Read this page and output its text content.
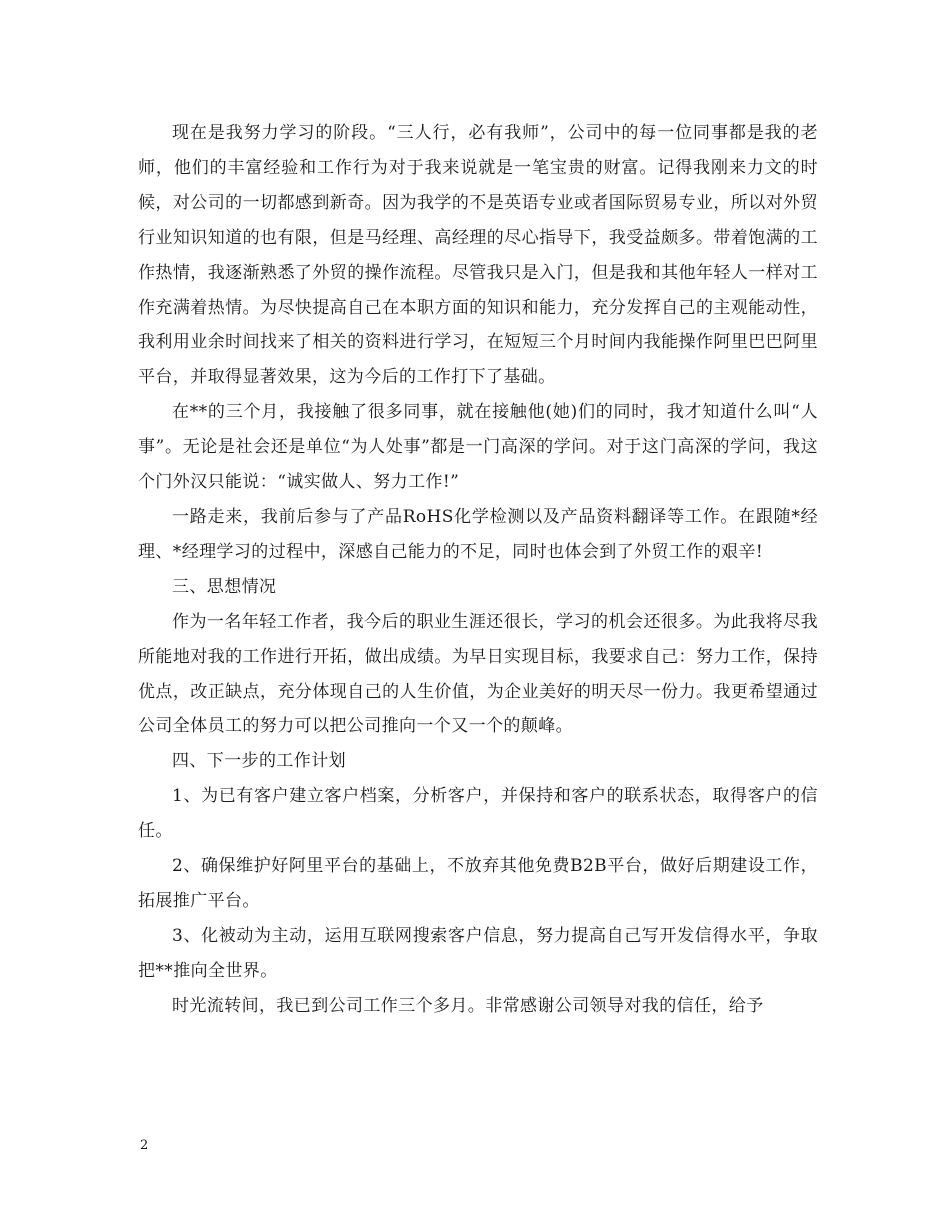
现在是我努力学习的阶段。“三人行，必有我师”，公司中的每一位同事都是我的老师，他们的丰富经验和工作行为对于我来说就是一笔宝贵的财富。记得我刚来力文的时候，对公司的一切都感到新奇。因为我学的不是英语专业或者国际贸易专业，所以对外贸行业知识知道的也有限，但是马经理、高经理的尽心指导下，我受益颇多。带着饱满的工作热情，我逐渐熟悉了外贸的操作流程。尽管我只是入门，但是我和其他年轻人一样对工作充满着热情。为尽快提高自己在本职方面的知识和能力，充分发挥自己的主观能动性，我利用业余时间找来了相关的资料进行学习，在短短三个月时间内我能操作阿里巴巴阿里平台，并取得显著效果，这为今后的工作打下了基础。

在**的三个月，我接触了很多同事，就在接触他(她)们的同时，我才知道什么叫“人事”。无论是社会还是单位“为人处事”都是一门高深的学问。对于这门高深的学问，我这个门外汉只能说：“诚实做人、努力工作!”

一路走来，我前后参与了产品RoHS化学检测以及产品资料翻译等工作。在跟随*经理、*经理学习的过程中，深感自己能力的不足，同时也体会到了外贸工作的艰辛!

三、思想情况

作为一名年轻工作者，我今后的职业生涯还很长，学习的机会还很多。为此我将尽我所能地对我的工作进行开拓，做出成绩。为早日实现目标，我要求自己：努力工作，保持优点，改正缺点，充分体现自己的人生价值，为企业美好的明天尽一份力。我更希望通过公司全体员工的努力可以把公司推向一个又一个的颠峰。

四、下一步的工作计划

1、为已有客户建立客户档案，分析客户，并保持和客户的联系状态，取得客户的信任。

2、确保维护好阿里平台的基础上，不放弃其他免费B2B平台，做好后期建设工作，拓展推广平台。

3、化被动为主动，运用互联网搜索客户信息，努力提高自己写开发信得水平，争取把**推向全世界。

时光流转间，我已到公司工作三个多月。非常感谢公司领导对我的信任，给予

2
